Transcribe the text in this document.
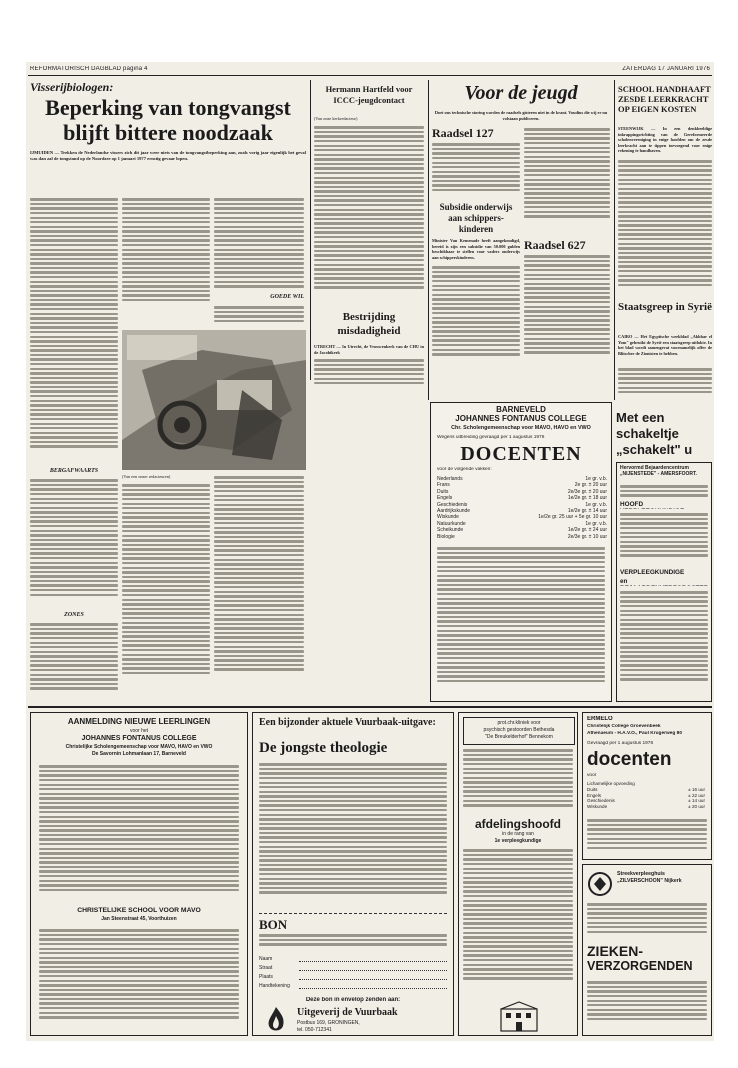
REFORMATORISCH DAGBLAD pagina 4	ZATERDAG 17 JANUARI 1976
Visserijbiologen:
Beperking van tongvangst
blijft bittere noodzaak
IJMUIDEN — Trekken de Nederlandse vissers zich dit jaar weer niets van de tongvangstbeperking aan, zoals vorig jaar eigenlijk het geval was dan zal de tongstand op de Noordzee op 1 januari 1977 ernstig gevaar lopen.
BERGAFWAARTS
ZONES
GOEDE WIL
(Van een onzer redacteuren)
Hermann Hartfeld voor ICCC-jeugdcontact
(Van onze kerkredacteur)
Bestrijding misdadigheid
UTRECHT — In Utrecht, de Vrouwenkerk van de CHU in de Jacobikerk
Voor de jeugd
Doet ons technische storing worden de raadsels gisteren niet in de krant. Voudius die wij er nu volstaan publiceren.
Raadsel 127
Raadsel 627
Subsidie onderwijs aan schippers-kinderen
Minister Van Kemenade heeft aangekondigd, bereid is zijn een subsidie van 50.000 gulden beschikbaar te stellen voor vaders onderwijs aan schipperskinderen.
SCHOOL HANDHAAFT ZESDE LEERKRACHT OP EIGEN KOSTEN
STEENWIJK — In een denkbeeldige inkrappingsrichting van de Gereformeerde scholenvereniging in enige hoofden om de zesde leerkracht aan te tippen toevoegend voor enige rekening te handhaven.
Staatsgreep in Syrië
CAIRO — Het Egyptische weekblad „Akhbar el Yom" gebruikt de Syrië een staatsgreep uitlokte. In het blad wordt samengevat voornamelijk offer de Blitscher de Zionisten te hebben.
BARNEVELD
JOHANNES FONTANUS COLLEGE
Chr. Scholengemeenschap voor MAVO, HAVO en VWO
Wegens uitbreiding gevraagd per 1 augustus 1976
DOCENTEN
voor de volgende vakken:
Nederlands	1e gr. v.b.
Frans	2e gr. ± 20 uur
Duits	2e/3e gr. ± 20 uur
Engels	1e/2e gr. ± 18 uur
Geschiedenis	1e gr. v.b.
Aardrijkskunde	1e/2e gr. ± 14 uur
Wiskunde	1e/2e gr. 25 uur + 5e gr. 10 uur
Natuurkunde	1e gr. v.b.
Scheikunde	1e/2e gr. ± 24 uur
Biologie	2e/3e gr. ± 10 uur
Met een schakeltje „schakelt" u
Hervormd Bejaardencentrum „NIJENSTEDE" - AMERSFOORT.
HOOFD
VERPLEEGKUNDIGE
en
AANMELDING NIEUWE LEERLINGEN
voor het
JOHANNES FONTANUS COLLEGE
Christelijke Scholengemeenschap voor MAVO, HAVO en VWO
De Savornin Lohmanlaan 17, Barneveld
CHRISTELIJKE SCHOOL VOOR MAVO
Jan Steenstraat 45, Voorthuizen
Een bijzonder aktuele Vuurbaak-uitgave:
De jongste theologie
BON
Naam
Straat
Plaats
Handtekening
Deze bon in envelop zenden aan:
Uitgeverij de Vuurbaak
Postbus 169, GRONINGEN,
tel. 050-712341
prot.chr.kliniek voor
psychisch gestoorden Bethesda
"De Breukelderhof" Bennekom
afdelingshoofd
in de rang van
1e verpleegkundige
ERMELO
Christelijk College Groevenbeek
Athenaeum - H.A.V.O., Paul Krugerweg 80
Gevraagd per 1 augustus 1976
docenten
voor
Lichamelijke opvoeding
Duits	± 16 uur
Engels	± 22 uur
Geschiedenis	± 14 uur
Wiskunde	± 20 uur
Streekverpleeghuis „ZILVERSCHOON" Nijkerk
ZIEKEN-
VERZORGENDEN
